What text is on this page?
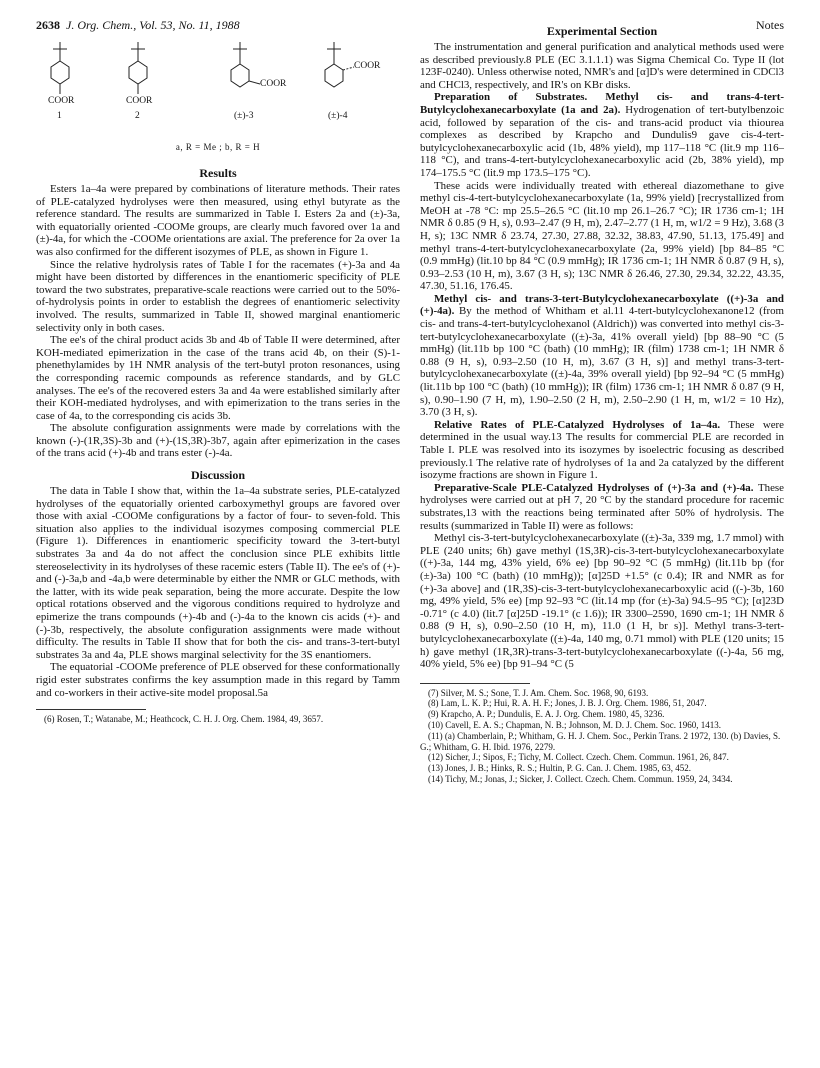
2638 J. Org. Chem., Vol. 53, No. 11, 1988	Notes
COOR
1
COOR
2
COOR
(±)-3
COOR
(±)-4
a, R = Me ; b, R = H
Results

Esters 1a–4a were prepared by combinations of literature methods. Their rates of PLE-catalyzed hydrolyses were then measured, using ethyl butyrate as the reference standard. The results are summarized in Table I. Esters 2a and (±)-3a, with equatorially oriented -COOMe groups, are clearly much favored over 1a and (±)-4a, for which the -COOMe orientations are axial. The preference for 2a over 1a was also confirmed for the different isozymes of PLE, as shown in Figure 1.

Since the relative hydrolysis rates of Table I for the racemates (+)-3a and 4a might have been distorted by differences in the enantiomeric specificity of PLE toward the two substrates, preparative-scale reactions were carried out to the 50%-of-hydrolysis points in order to establish the degrees of enantiomeric selectivity involved. The results, summarized in Table II, showed marginal enantiomeric selectivity only in both cases.

The ee's of the chiral product acids 3b and 4b of Table II were determined, after KOH-mediated epimerization in the case of the trans acid 4b, on their (S)-1-phenethylamides by 1H NMR analysis of the tert-butyl proton resonances, using the corresponding racemic compounds as reference standards, and by GLC analyses. The ee's of the recovered esters 3a and 4a were established similarly after their KOH-mediated hydrolyses, and with epimerization to the trans series in the case of 4a, to the corresponding cis acids 3b.

The absolute configuration assignments were made by correlations with the known (-)-(1R,3S)-3b and (+)-(1S,3R)-3b7, again after epimerization in the cases of the trans acid (+)-4b and trans ester (-)-4a.

Discussion

The data in Table I show that, within the 1a–4a substrate series, PLE-catalyzed hydrolyses of the equatorially oriented carboxymethyl groups are favored over those with axial -COOMe configurations by a factor of four- to seven-fold. This situation also applies to the individual isozymes composing commercial PLE (Figure 1). Differences in enantiomeric specificity toward the 3-tert-butyl substrates 3a and 4a do not affect the conclusion since PLE exhibits little stereoselectivity in its hydrolyses of these racemic esters (Table II). The ee's of (+)- and (-)-3a,b and -4a,b were determinable by either the NMR or GLC methods, with the latter, with its wide peak separation, being the more accurate. Despite the low optical rotations observed and the vigorous conditions required to hydrolyze and epimerize the trans compounds (+)-4b and (-)-4a to the known cis acids (+)- and (-)-3b, respectively, the absolute configuration assignments were made without difficulty. The results in Table II show that for both the cis- and trans-3-tert-butyl substrates 3a and 4a, PLE shows marginal selectivity for the 3S enantiomers.

The equatorial -COOMe preference of PLE observed for these conformationally rigid ester substrates confirms the key assumption made in this regard by Tamm and co-workers in their active-site model proposal.5a

(6) Rosen, T.; Watanabe, M.; Heathcock, C. H. J. Org. Chem. 1984, 49, 3657.

Experimental Section

The instrumentation and general purification and analytical methods used were as described previously.8 PLE (EC 3.1.1.1) was Sigma Chemical Co. Type II (lot 123F-0240). Unless otherwise noted, NMR's and [α]D's were determined in CDCl3 and CHCl3, respectively, and IR's on KBr disks.

Preparation of Substrates. Methyl cis- and trans-4-tert-Butylcyclohexanecarboxylate (1a and 2a). Hydrogenation of tert-butylbenzoic acid, followed by separation of the cis- and trans-acid product via thiourea complexes as described by Krapcho and Dundulis9 gave cis-4-tert-butylcyclohexanecarboxylic acid (1b, 48% yield), mp 117–118 °C (lit.9 mp 116–118 °C), and trans-4-tert-butylcyclohexanecarboxylic acid (2b, 38% yield), mp 174–175.5 °C (lit.9 mp 173.5–175 °C).

These acids were individually treated with ethereal diazomethane to give methyl cis-4-tert-butylcyclohexanecarboxylate (1a, 99% yield) [recrystallized from MeOH at -78 °C: mp 25.5–26.5 °C (lit.10 mp 26.1–26.7 °C); IR 1736 cm-1; 1H NMR δ 0.85 (9 H, s), 0.93–2.47 (9 H, m), 2.47–2.77 (1 H, m, w1/2 = 9 Hz), 3.68 (3 H, s); 13C NMR δ 23.74, 27.30, 27.88, 32.32, 38.83, 47.90, 51.13, 175.49] and methyl trans-4-tert-butylcyclohexanecarboxylate (2a, 99% yield) [bp 84–85 °C (0.9 mmHg) (lit.10 bp 84 °C (0.9 mmHg); IR 1736 cm-1; 1H NMR δ 0.87 (9 H, s), 0.93–2.53 (10 H, m), 3.67 (3 H, s); 13C NMR δ 26.46, 27.30, 29.34, 32.22, 43.35, 47.30, 51.16, 176.45.

Methyl cis- and trans-3-tert-Butylcyclohexanecarboxylate ((+)-3a and (+)-4a). By the method of Whitham et al.11 4-tert-butylcyclohexanone12 (from cis- and trans-4-tert-butylcyclohexanol (Aldrich)) was converted into methyl cis-3-tert-butylcyclohexanecarboxylate ((±)-3a, 41% overall yield) [bp 88–90 °C (5 mmHg) (lit.11b bp 100 °C (bath) (10 mmHg); IR (film) 1738 cm-1; 1H NMR δ 0.88 (9 H, s), 0.93–2.50 (10 H, m), 3.67 (3 H, s)] and methyl trans-3-tert-butylcyclohexanecarboxylate ((±)-4a, 39% overall yield) [bp 92–94 °C (5 mmHg) (lit.11b bp 100 °C (bath) (10 mmHg)); IR (film) 1736 cm-1; 1H NMR δ 0.87 (9 H, s), 0.90–1.90 (7 H, m), 1.90–2.50 (2 H, m), 2.50–2.90 (1 H, m, w1/2 = 10 Hz), 3.70 (3 H, s).

Relative Rates of PLE-Catalyzed Hydrolyses of 1a–4a. These were determined in the usual way.13 The results for commercial PLE are recorded in Table I. PLE was resolved into its isozymes by isoelectric focusing as described previously.1 The relative rate of hydrolyses of 1a and 2a catalyzed by the different isozyme fractions are shown in Figure 1.

Preparative-Scale PLE-Catalyzed Hydrolyses of (+)-3a and (+)-4a. These hydrolyses were carried out at pH 7, 20 °C by the standard procedure for racemic substrates,13 with the reactions being terminated after 50% of hydrolysis. The results (summarized in Table II) were as follows:

Methyl cis-3-tert-butylcyclohexanecarboxylate ((±)-3a, 339 mg, 1.7 mmol) with PLE (240 units; 6h) gave methyl (1S,3R)-cis-3-tert-butylcyclohexanecarboxylate ((+)-3a, 144 mg, 43% yield, 6% ee) [bp 90–92 °C (5 mmHg) (lit.11b bp (for (±)-3a) 100 °C (bath) (10 mmHg)); [α]25D +1.5° (c 0.4); IR and NMR as for (+)-3a above] and (1R,3S)-cis-3-tert-butylcyclohexanecarboxylic acid ((-)-3b, 160 mg, 49% yield, 5% ee) [mp 92–93 °C (lit.14 mp (for (±)-3a) 94.5–95 °C); [α]23D -0.71° (c 4.0) (lit.7 [α]25D -19.1° (c 1.6)); IR 3300–2590, 1690 cm-1; 1H NMR δ 0.88 (9 H, s), 0.90–2.50 (10 H, m), 11.0 (1 H, br s)]. Methyl trans-3-tert-butylcyclohexanecarboxylate ((±)-4a, 140 mg, 0.71 mmol) with PLE (120 units; 15 h) gave methyl (1R,3R)-trans-3-tert-butylcyclohexanecarboxylate ((-)-4a, 56 mg, 40% yield, 5% ee) [bp 91–94 °C (5

(7) Silver, M. S.; Sone, T. J. Am. Chem. Soc. 1968, 90, 6193.

(8) Lam, L. K. P.; Hui, R. A. H. F.; Jones, J. B. J. Org. Chem. 1986, 51, 2047.

(9) Krapcho, A. P.; Dundulis, E. A. J. Org. Chem. 1980, 45, 3236.

(10) Cavell, E. A. S.; Chapman, N. B.; Johnson, M. D. J. Chem. Soc. 1960, 1413.

(11) (a) Chamberlain, P.; Whitham, G. H. J. Chem. Soc., Perkin Trans. 2 1972, 130. (b) Davies, S. G.; Whitham, G. H. Ibid. 1976, 2279.

(12) Sicher, J.; Sipos, F.; Tichy, M. Collect. Czech. Chem. Commun. 1961, 26, 847.

(13) Jones, J. B.; Hinks, R. S.; Hultin, P. G. Can. J. Chem. 1985, 63, 452.

(14) Tichy, M.; Jonas, J.; Sicker, J. Collect. Czech. Chem. Commun. 1959, 24, 3434.
